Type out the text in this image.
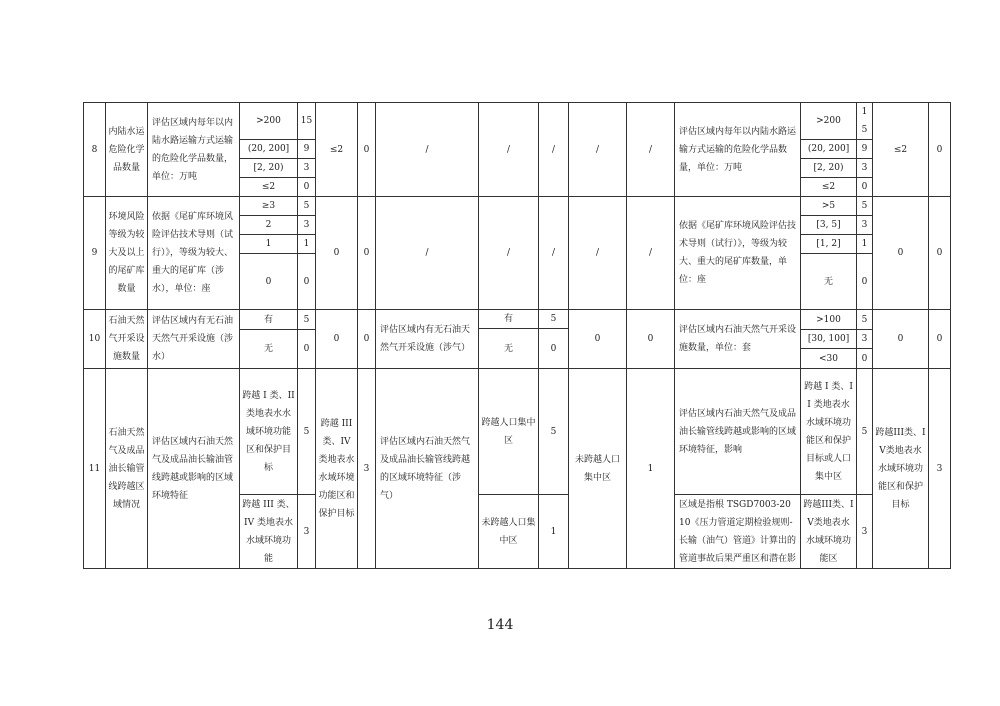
8	内陆水运危险化学品数量	评估区域内每年以内陆水路运输方式运输的危险化学品数量，单位：万吨	>200	15	≤2	0	/	/	/	/	/	评估区域内每年以内陆水路运输方式运输的危险化学品数量，单位：万吨	>200	15	≤2	0
			(20, 200]	9									(20, 200]	9		
			[2, 20)	3									[2, 20)	3		
			≤2	0									≤2	0		
9	环境风险等级为较大及以上的尾矿库数量	依据《尾矿库环境风险评估技术导则（试行）》，等级为较大、重大的尾矿库（涉水），单位：座	≥3	5	0	0	/	/	/	/	/	依据《尾矿库环境风险评估技术导则（试行）》，等级为较大、重大的尾矿库数量，单位：座	>5	5	0	0
			2	3									[3, 5]	3		
			1	1									[1, 2]	1		
			0	0									无	0		
10	石油天然气开采设施数量	评估区域内有无石油天然气开采设施（涉水）	有	5	0	0	评估区域内有无石油天然气开采设施（涉气）	有	5	0	0	评估区域内石油天然气开采设施数量，单位：套	>100	5	0	0
								无	0							
			无	0									[30, 100]	3		
													<30	0		

11	石油天然气及成品油长输管线跨越区域情况	评估区域内石油天然气及成品油长输油管线跨越或影响的区域环境特征	跨越 I 类、II 类地表水水域环境功能区和保护目标	5	跨越 III 类、IV 类地表水水域环境功能区和保护目标	3	评估区域内石油天然气及成品油长输管线跨越的区域环境特征（涉气）	跨越人口集中区	5	未跨越人口集中区	1	评估区域内石油天然气及成品油长输管线跨越或影响的区域环境特征，影响	跨越 I 类、II 类地表水水域环境功能区和保护目标或人口集中区	5	跨越III类、IV类地表水水域环境功能区和保护目标	3
			跨越 III 类、IV 类地表水水域环境功能	3				未跨越人口集中区	1			区域是指根 TSGD7003-2010《压力管道定期检验规则-长输（油气）管道》计算出的管道事故后果严重区和潜在影	跨越III类、IV类地表水水域环境功能区	3		
144
